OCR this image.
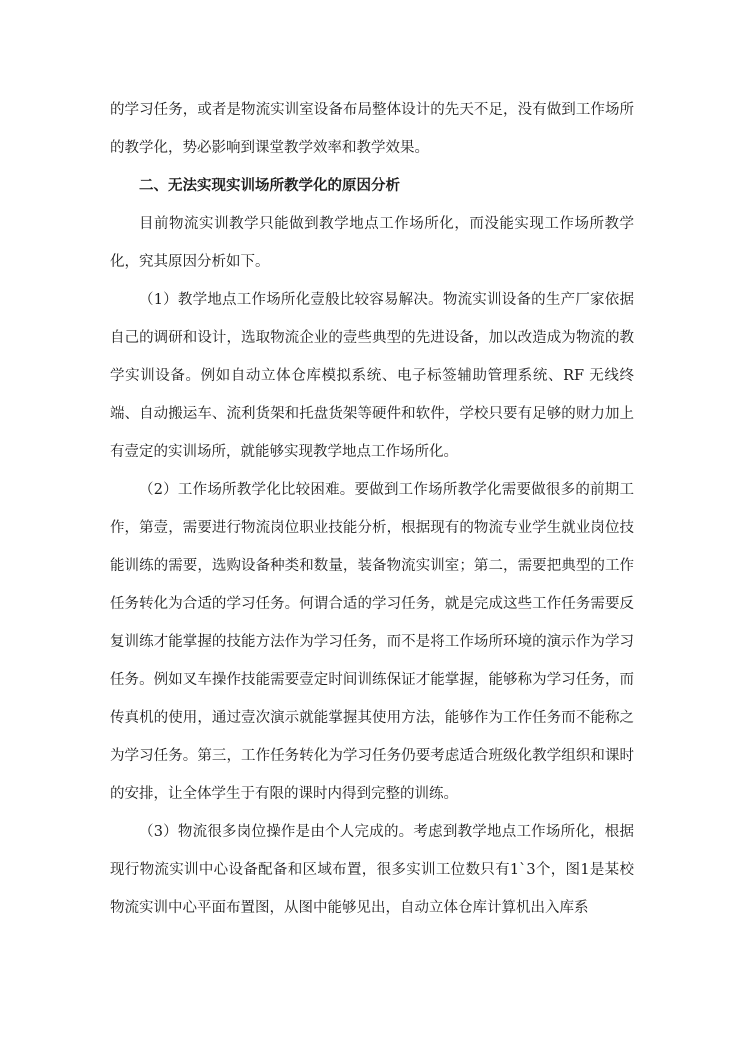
的学习任务，或者是物流实训室设备布局整体设计的先天不足，没有做到工作场所的教学化，势必影响到课堂教学效率和教学效果。

二、无法实现实训场所教学化的原因分析

目前物流实训教学只能做到教学地点工作场所化，而没能实现工作场所教学化，究其原因分析如下。

（1）教学地点工作场所化壹般比较容易解决。物流实训设备的生产厂家依据自己的调研和设计，选取物流企业的壹些典型的先进设备，加以改造成为物流的教学实训设备。例如自动立体仓库模拟系统、电子标签辅助管理系统、RF 无线终端、自动搬运车、流利货架和托盘货架等硬件和软件，学校只要有足够的财力加上有壹定的实训场所，就能够实现教学地点工作场所化。

（2）工作场所教学化比较困难。要做到工作场所教学化需要做很多的前期工作，第壹，需要进行物流岗位职业技能分析，根据现有的物流专业学生就业岗位技能训练的需要，选购设备种类和数量，装备物流实训室；第二，需要把典型的工作任务转化为合适的学习任务。何谓合适的学习任务，就是完成这些工作任务需要反复训练才能掌握的技能方法作为学习任务，而不是将工作场所环境的演示作为学习任务。例如叉车操作技能需要壹定时间训练保证才能掌握，能够称为学习任务，而传真机的使用，通过壹次演示就能掌握其使用方法，能够作为工作任务而不能称之为学习任务。第三，工作任务转化为学习任务仍要考虑适合班级化教学组织和课时的安排，让全体学生于有限的课时内得到完整的训练。

（3）物流很多岗位操作是由个人完成的。考虑到教学地点工作场所化，根据现行物流实训中心设备配备和区域布置，很多实训工位数只有1`3个，图1是某校物流实训中心平面布置图，从图中能够见出，自动立体仓库计算机出入库系
